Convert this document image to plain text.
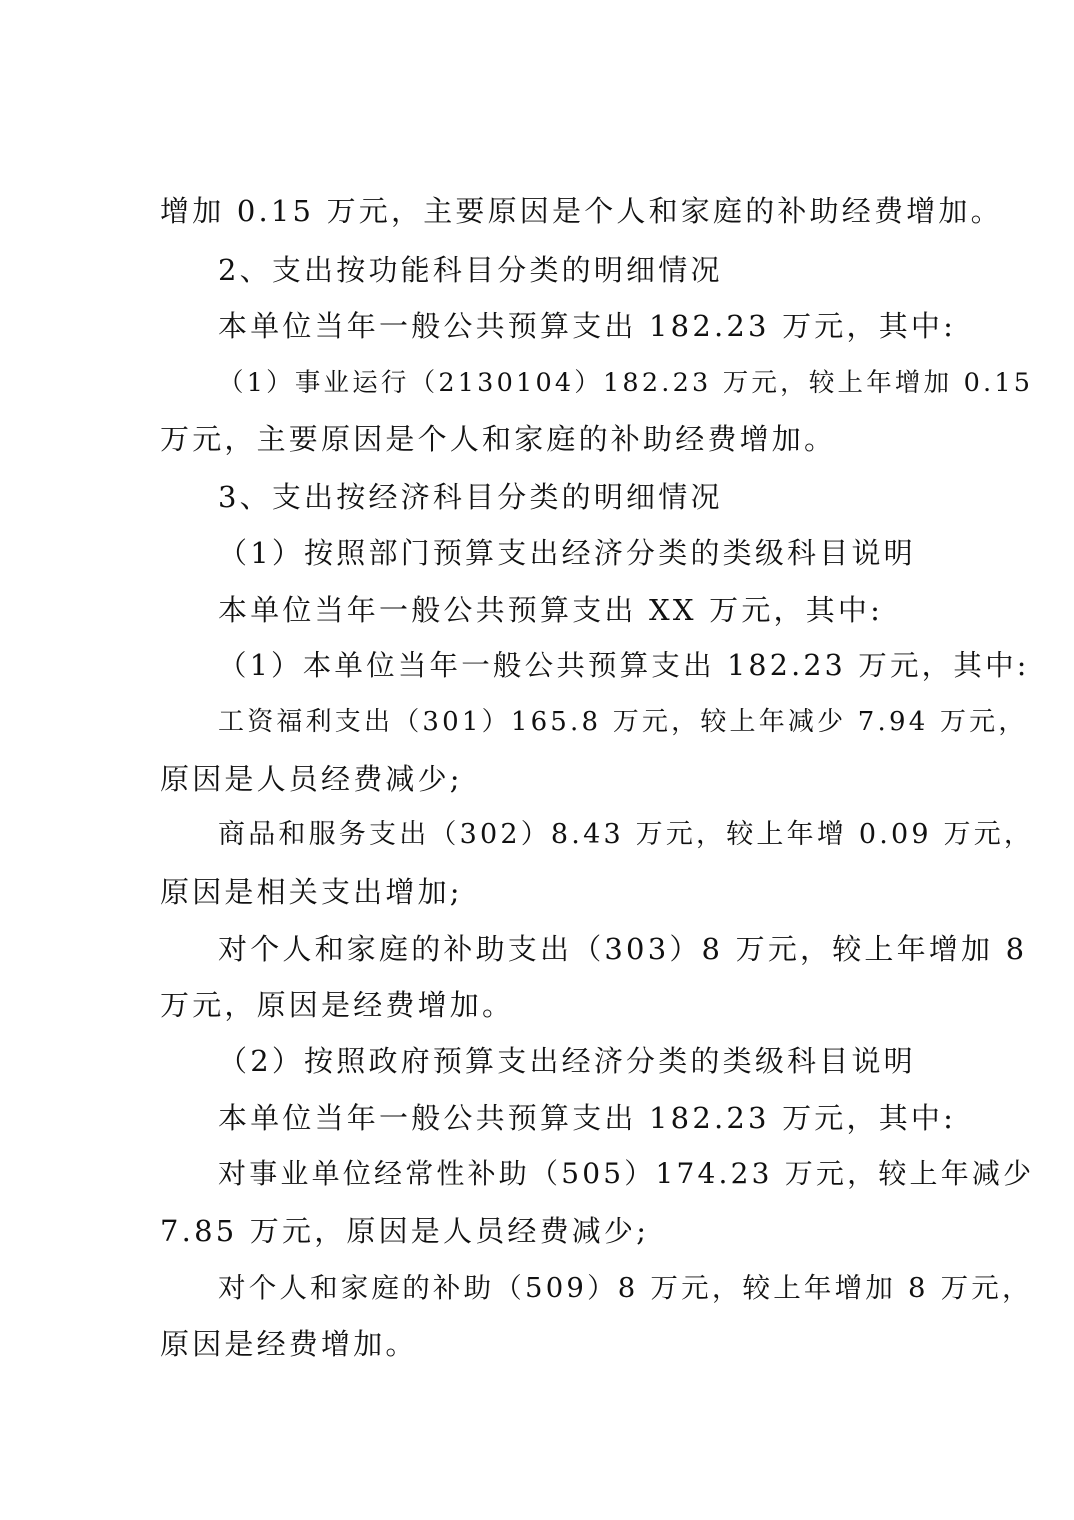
增加 0.15 万元，主要原因是个人和家庭的补助经费增加。
2、支出按功能科目分类的明细情况
本单位当年一般公共预算支出 182.23 万元，其中:
（1）事业运行（2130104）182.23 万元，较上年增加 0.15
万元，主要原因是个人和家庭的补助经费增加。
3、支出按经济科目分类的明细情况
（1）按照部门预算支出经济分类的类级科目说明
本单位当年一般公共预算支出 XX 万元，其中:
（1）本单位当年一般公共预算支出 182.23 万元，其中:
工资福利支出（301）165.8 万元，较上年减少 7.94 万元，
原因是人员经费减少;
商品和服务支出（302）8.43 万元，较上年增 0.09 万元，
原因是相关支出增加;
对个人和家庭的补助支出（303）8 万元，较上年增加 8
万元，原因是经费增加。
（2）按照政府预算支出经济分类的类级科目说明
本单位当年一般公共预算支出 182.23 万元，其中:
对事业单位经常性补助（505）174.23 万元，较上年减少
7.85 万元，原因是人员经费减少;
对个人和家庭的补助（509）8 万元，较上年增加 8 万元，
原因是经费增加。
